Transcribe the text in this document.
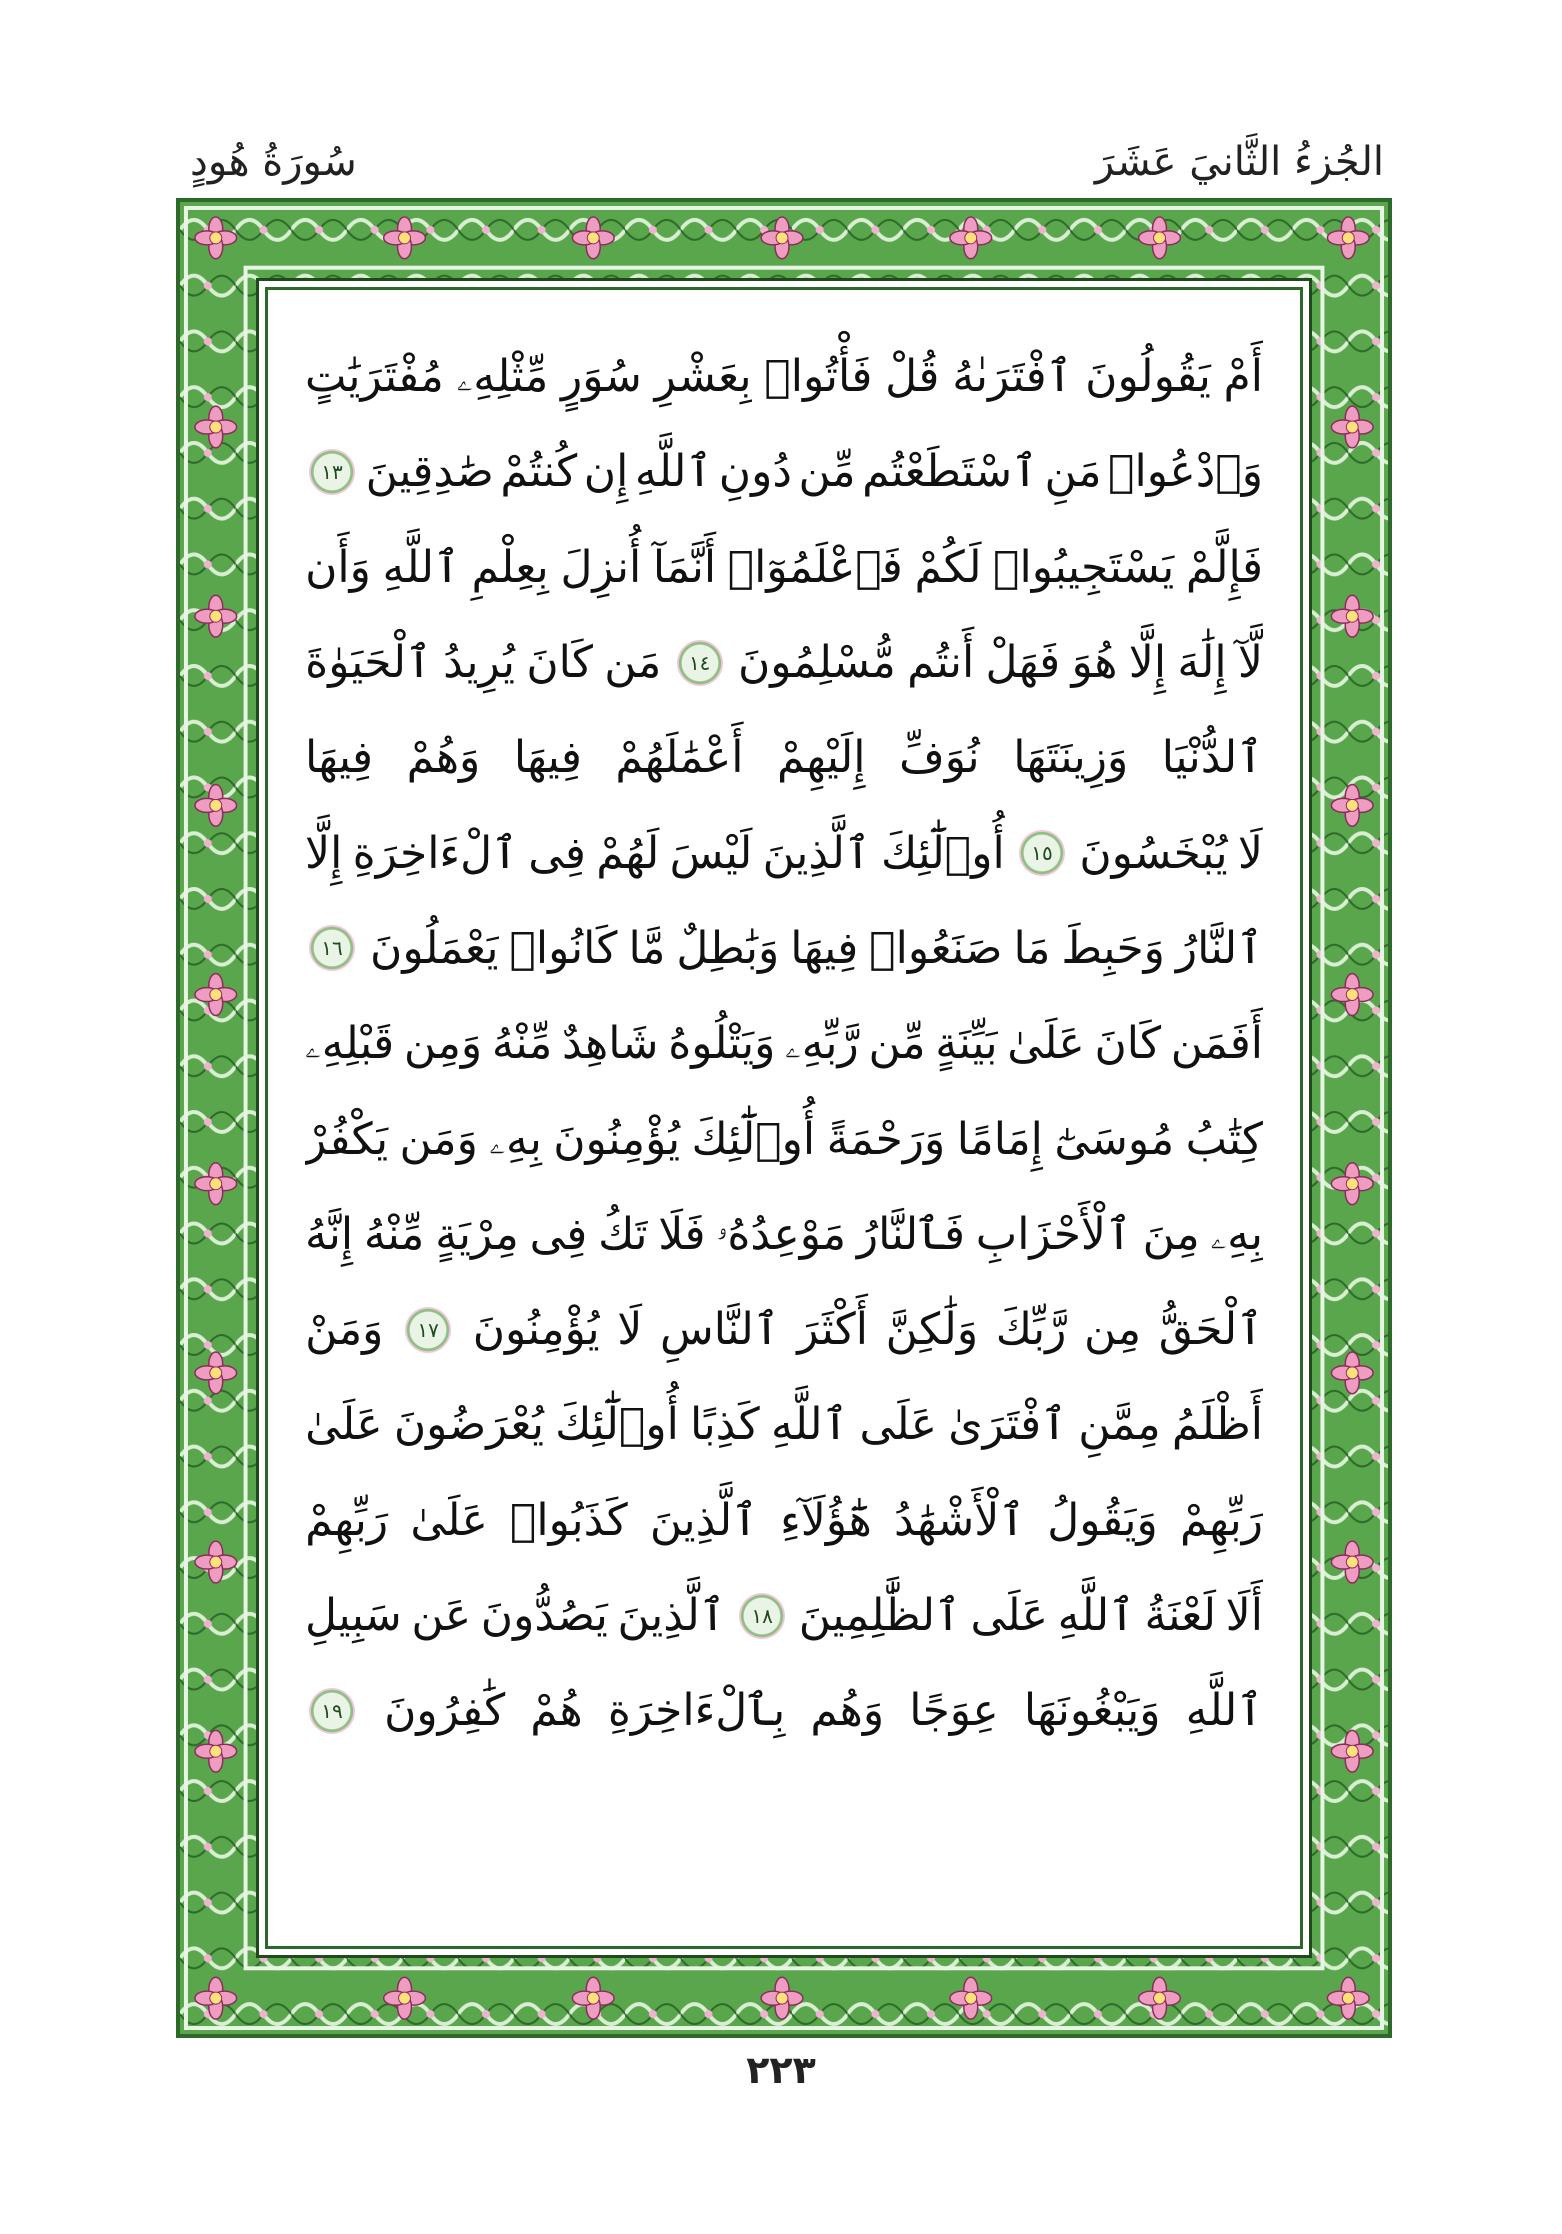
الجُزءُ الثَّانيَ عَشَرَ
سُورَةُ هُودٍ
أَمْ
يَقُولُونَ
ٱفْتَرَىٰهُ
قُلْ
فَأْتُوا۟
بِعَشْرِ
سُوَرٍ
مِّثْلِهِۦ
مُفْتَرَيَٰتٍ
وَٱدْعُوا۟
مَنِ
ٱسْتَطَعْتُم
مِّن
دُونِ
ٱللَّهِ
إِن
كُنتُمْ
صَٰدِقِينَ
١٣
فَإِلَّمْ
يَسْتَجِيبُوا۟
لَكُمْ
فَٱعْلَمُوٓا۟
أَنَّمَآ
أُنزِلَ
بِعِلْمِ
ٱللَّهِ
وَأَن
لَّآ
إِلَٰهَ
إِلَّا
هُوَ
فَهَلْ
أَنتُم
مُّسْلِمُونَ
١٤
مَن
كَانَ
يُرِيدُ
ٱلْحَيَوٰةَ
ٱلدُّنْيَا
وَزِينَتَهَا
نُوَفِّ
إِلَيْهِمْ
أَعْمَٰلَهُمْ
فِيهَا
وَهُمْ
فِيهَا
لَا
يُبْخَسُونَ
١٥
أُو۟لَٰٓئِكَ
ٱلَّذِينَ
لَيْسَ
لَهُمْ
فِى
ٱلْءَاخِرَةِ
إِلَّا
ٱلنَّارُ
وَحَبِطَ
مَا
صَنَعُوا۟
فِيهَا
وَبَٰطِلٌ
مَّا
كَانُوا۟
يَعْمَلُونَ
١٦
أَفَمَن
كَانَ
عَلَىٰ
بَيِّنَةٍ
مِّن
رَّبِّهِۦ
وَيَتْلُوهُ
شَاهِدٌ
مِّنْهُ
وَمِن
قَبْلِهِۦ
كِتَٰبُ
مُوسَىٰٓ
إِمَامًا
وَرَحْمَةً
أُو۟لَٰٓئِكَ
يُؤْمِنُونَ
بِهِۦ
وَمَن
يَكْفُرْ
بِهِۦ
مِنَ
ٱلْأَحْزَابِ
فَٱلنَّارُ
مَوْعِدُهُۥ
فَلَا
تَكُ
فِى
مِرْيَةٍ
مِّنْهُ
إِنَّهُ
ٱلْحَقُّ
مِن
رَّبِّكَ
وَلَٰكِنَّ
أَكْثَرَ
ٱلنَّاسِ
لَا
يُؤْمِنُونَ
١٧
وَمَنْ
أَظْلَمُ
مِمَّنِ
ٱفْتَرَىٰ
عَلَى
ٱللَّهِ
كَذِبًا
أُو۟لَٰٓئِكَ
يُعْرَضُونَ
عَلَىٰ
رَبِّهِمْ
وَيَقُولُ
ٱلْأَشْهَٰدُ
هَٰٓؤُلَآءِ
ٱلَّذِينَ
كَذَبُوا۟
عَلَىٰ
رَبِّهِمْ
أَلَا
لَعْنَةُ
ٱللَّهِ
عَلَى
ٱلظَّٰلِمِينَ
١٨
ٱلَّذِينَ
يَصُدُّونَ
عَن
سَبِيلِ
ٱللَّهِ
وَيَبْغُونَهَا
عِوَجًا
وَهُم
بِٱلْءَاخِرَةِ
هُمْ
كَٰفِرُونَ
١٩
٢٢٣
